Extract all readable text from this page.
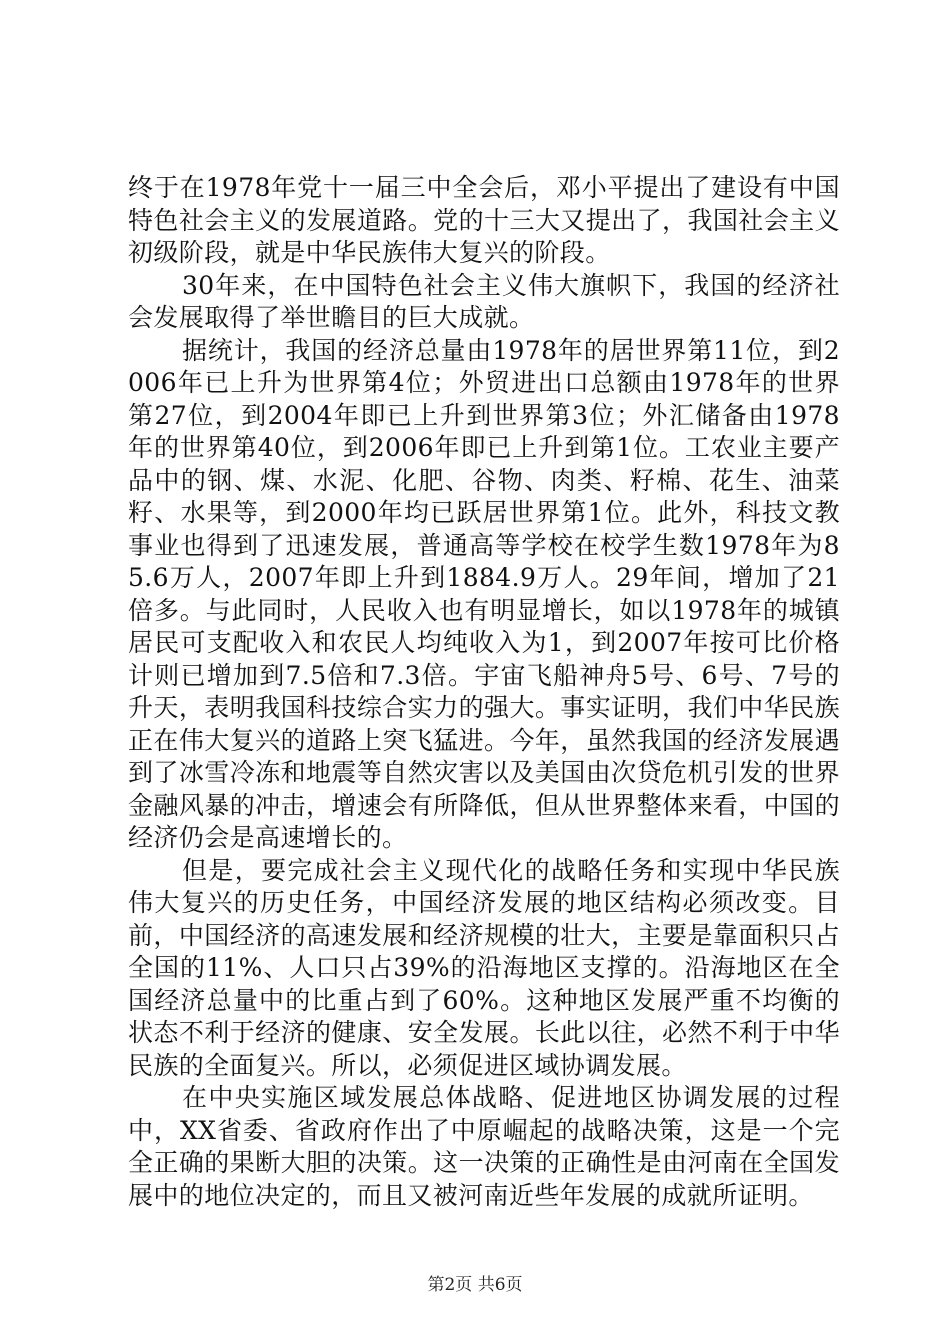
终于在1978年党十一届三中全会后，邓小平提出了建设有中国特色社会主义的发展道路。党的十三大又提出了，我国社会主义初级阶段，就是中华民族伟大复兴的阶段。

30年来，在中国特色社会主义伟大旗帜下，我国的经济社会发展取得了举世瞻目的巨大成就。

据统计，我国的经济总量由1978年的居世界第11位，到2006年已上升为世界第4位；外贸进出口总额由1978年的世界第27位，到2004年即已上升到世界第3位；外汇储备由1978年的世界第40位，到2006年即已上升到第1位。工农业主要产品中的钢、煤、水泥、化肥、谷物、肉类、籽棉、花生、油菜籽、水果等，到2000年均已跃居世界第1位。此外，科技文教事业也得到了迅速发展，普通高等学校在校学生数1978年为85.6万人，2007年即上升到1884.9万人。29年间，增加了21倍多。与此同时，人民收入也有明显增长，如以1978年的城镇居民可支配收入和农民人均纯收入为1，到2007年按可比价格计则已增加到7.5倍和7.3倍。宇宙飞船神舟5号、6号、7号的升天，表明我国科技综合实力的强大。事实证明，我们中华民族正在伟大复兴的道路上突飞猛进。今年，虽然我国的经济发展遇到了冰雪冷冻和地震等自然灾害以及美国由次贷危机引发的世界金融风暴的冲击，增速会有所降低，但从世界整体来看，中国的经济仍会是高速增长的。

但是，要完成社会主义现代化的战略任务和实现中华民族伟大复兴的历史任务，中国经济发展的地区结构必须改变。目前，中国经济的高速发展和经济规模的壮大，主要是靠面积只占全国的11%、人口只占39%的沿海地区支撑的。沿海地区在全国经济总量中的比重占到了60%。这种地区发展严重不均衡的状态不利于经济的健康、安全发展。长此以往，必然不利于中华民族的全面复兴。所以，必须促进区域协调发展。

在中央实施区域发展总体战略、促进地区协调发展的过程中，XX省委、省政府作出了中原崛起的战略决策，这是一个完全正确的果断大胆的决策。这一决策的正确性是由河南在全国发展中的地位决定的，而且又被河南近些年发展的成就所证明。

第2页 共6页
